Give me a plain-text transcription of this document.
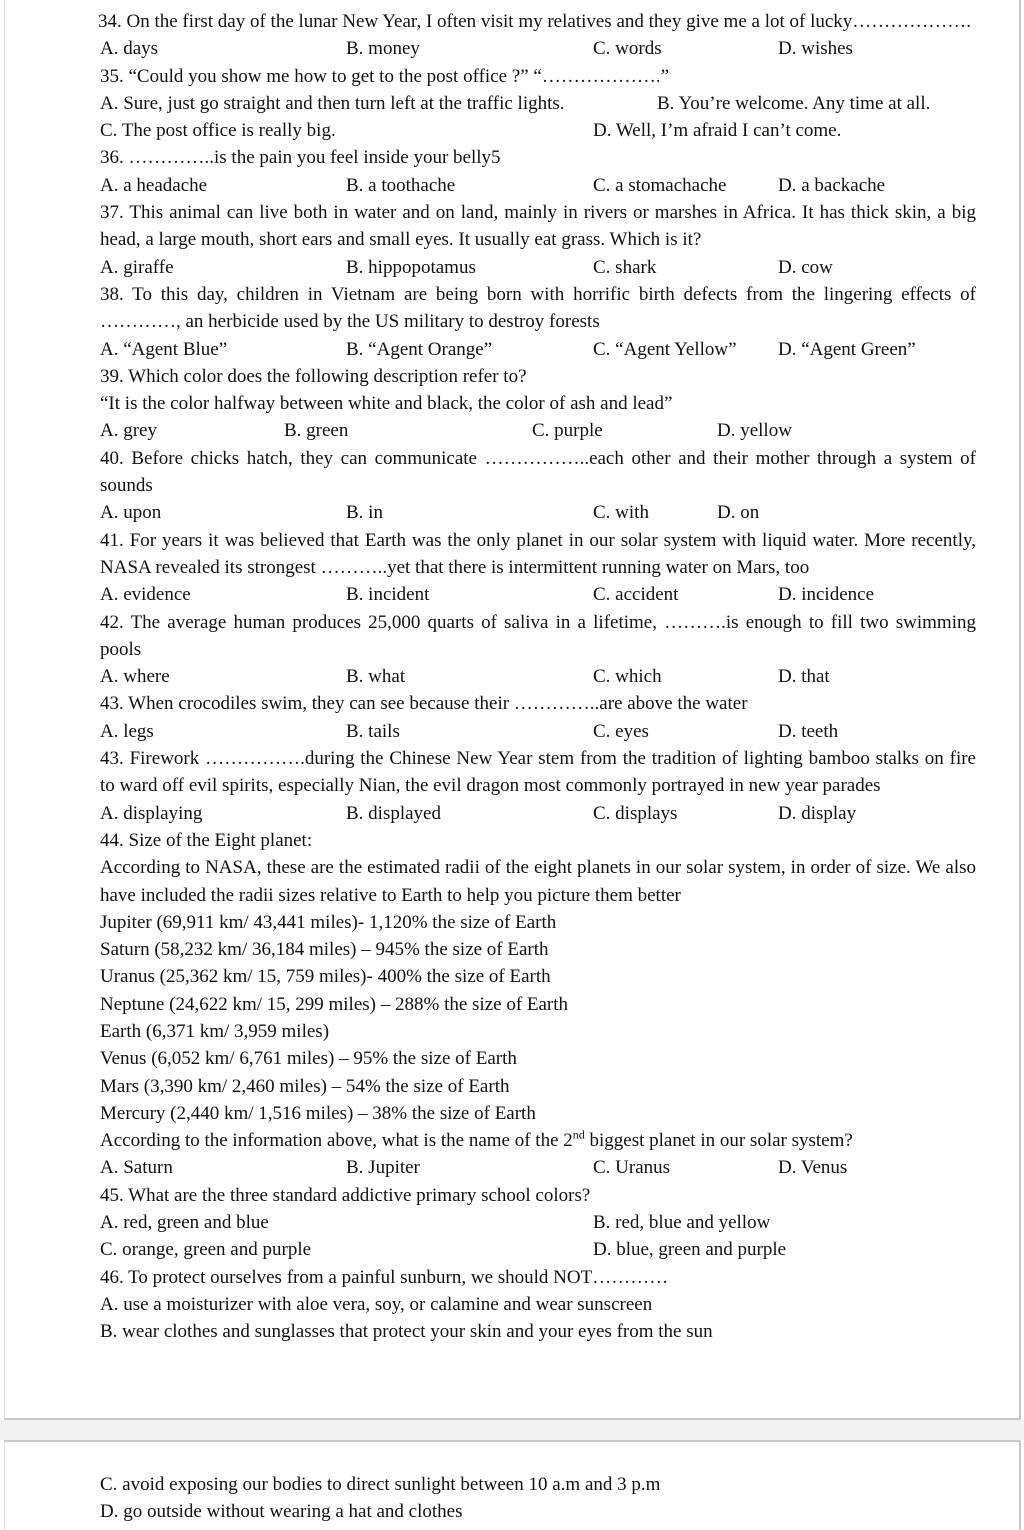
34. On the first day of the lunar New Year, I often visit my relatives and they give me a lot of lucky……………….

A. days	B. money	C. words	D. wishes

35. “Could you show me how to get to the post office ?” “……………….”

A. Sure, just go straight and then turn left at the traffic lights.	B. You’re welcome. Any time at all.
C. The post office is really big.	D. Well, I’m afraid I can’t come.

36. …………..is the pain you feel inside your belly5

A. a headache	B. a toothache	C. a stomachache	D. a backache

37. This animal can live both in water and on land, mainly in rivers or marshes in Africa. It has thick skin, a big head, a large mouth, short ears and small eyes. It usually eat grass. Which is it?

A. giraffe	B. hippopotamus	C. shark	D. cow

38. To this day, children in Vietnam are being born with horrific birth defects from the lingering effects of …………, an herbicide used by the US military to destroy forests

A. “Agent Blue”	B. “Agent Orange”	C. “Agent Yellow” D. “Agent Green”

39. Which color does the following description refer to?

“It is the color halfway between white and black, the color of ash and lead”

A. grey	B. green	C. purple	D. yellow

40. Before chicks hatch, they can communicate ……………..each other and their mother through a system of sounds

A. upon	B. in	C. with	D. on

41. For years it was believed that Earth was the only planet in our solar system with liquid water. More recently, NASA revealed its strongest ………..yet that there is intermittent running water on Mars, too

A. evidence	B. incident	C. accident	D. incidence

42. The average human produces 25,000 quarts of saliva in a lifetime, ……….is enough to fill two swimming pools

A. where	B. what	C. which	D. that

43. When crocodiles swim, they can see because their …………..are above the water

A. legs	B. tails	C. eyes	D. teeth

43. Firework …………….during the Chinese New Year stem from the tradition of lighting bamboo stalks on fire to ward off evil spirits, especially Nian, the evil dragon most commonly portrayed in new year parades

A. displaying	B. displayed	C. displays	D. display

44. Size of the Eight planet:

According to NASA, these are the estimated radii of the eight planets in our solar system, in order of size. We also have included the radii sizes relative to Earth to help you picture them better

Jupiter (69,911 km/ 43,441 miles)- 1,120% the size of Earth

Saturn (58,232 km/ 36,184 miles) – 945% the size of Earth

Uranus (25,362 km/ 15, 759 miles)- 400% the size of Earth

Neptune (24,622 km/ 15, 299 miles) – 288% the size of Earth

Earth (6,371 km/ 3,959 miles)

Venus (6,052 km/ 6,761 miles) – 95% the size of Earth

Mars (3,390 km/ 2,460 miles) – 54% the size of Earth

Mercury (2,440 km/ 1,516 miles) – 38% the size of Earth

According to the information above, what is the name of the 2nd biggest planet in our solar system?

A. Saturn	B. Jupiter	C. Uranus	D. Venus

45. What are the three standard addictive primary school colors?

A. red, green and blue	B. red, blue and yellow
C. orange, green and purple	D. blue, green and purple

46. To protect ourselves from a painful sunburn, we should NOT…………

A. use a moisturizer with aloe vera, soy, or calamine and wear sunscreen

B. wear clothes and sunglasses that protect your skin and your eyes from the sun

C. avoid exposing our bodies to direct sunlight between 10 a.m and 3 p.m

D. go outside without wearing a hat and clothes
